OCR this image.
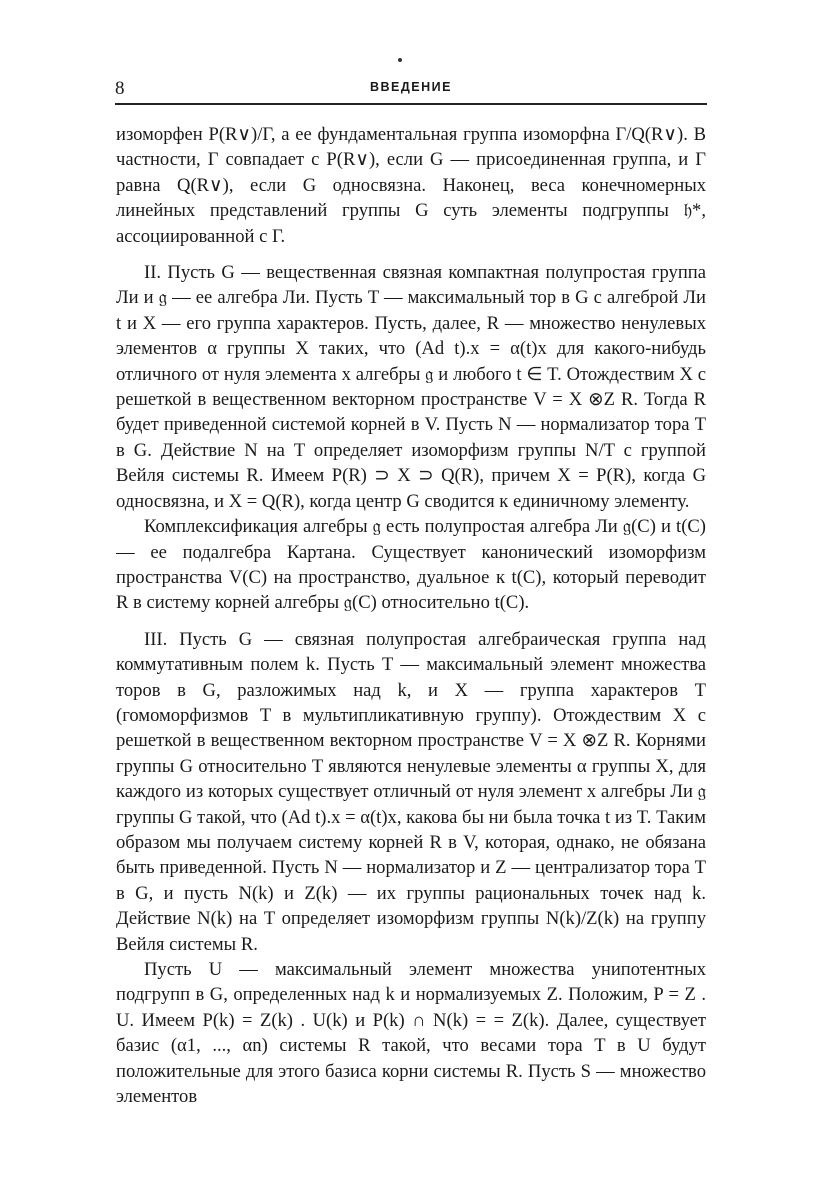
8	ВВЕДЕНИЕ

изоморфен P(R∨)/Γ, а ее фундаментальная группа изоморфна Γ/Q(R∨). В частности, Γ совпадает с P(R∨), если G — присоединенная группа, и Γ равна Q(R∨), если G односвязна. Наконец, веса конечномерных линейных представлений группы G суть элементы подгруппы 𝔥*, ассоциированной с Γ.

II. Пусть G — вещественная связная компактная полупростая группа Ли и 𝔤 — ее алгебра Ли. Пусть T — максимальный тор в G с алгеброй Ли t и X — его группа характеров. Пусть, далее, R — множество ненулевых элементов α группы X таких, что (Ad t).x = α(t)x для какого-нибудь отличного от нуля элемента x алгебры 𝔤 и любого t ∈ T. Отождествим X с решеткой в вещественном векторном пространстве V = X ⊗Z R. Тогда R будет приведенной системой корней в V. Пусть N — нормализатор тора T в G. Действие N на T определяет изоморфизм группы N/T с группой Вейля системы R. Имеем P(R) ⊃ X ⊃ Q(R), причем X = P(R), когда G односвязна, и X = Q(R), когда центр G сводится к единичному элементу.

Комплексификация алгебры 𝔤 есть полупростая алгебра Ли 𝔤(C) и t(C) — ее подалгебра Картана. Существует канонический изоморфизм пространства V(C) на пространство, дуальное к t(C), который переводит R в систему корней алгебры 𝔤(C) относительно t(C).

III. Пусть G — связная полупростая алгебраическая группа над коммутативным полем k. Пусть T — максимальный элемент множества торов в G, разложимых над k, и X — группа характеров T (гомоморфизмов T в мультипликативную группу). Отождествим X с решеткой в вещественном векторном пространстве V = X ⊗Z R. Корнями группы G относительно T являются ненулевые элементы α группы X, для каждого из которых существует отличный от нуля элемент x алгебры Ли 𝔤 группы G такой, что (Ad t).x = α(t)x, какова бы ни была точка t из T. Таким образом мы получаем систему корней R в V, которая, однако, не обязана быть приведенной. Пусть N — нормализатор и Z — централизатор тора T в G, и пусть N(k) и Z(k) — их группы рациональных точек над k. Действие N(k) на T определяет изоморфизм группы N(k)/Z(k) на группу Вейля системы R.

Пусть U — максимальный элемент множества унипотентных подгрупп в G, определенных над k и нормализуемых Z. Положим, P = Z . U. Имеем P(k) = Z(k) . U(k) и P(k) ∩ N(k) = = Z(k). Далее, существует базис (α1, ..., αn) системы R такой, что весами тора T в U будут положительные для этого базиса корни системы R. Пусть S — множество элементов
